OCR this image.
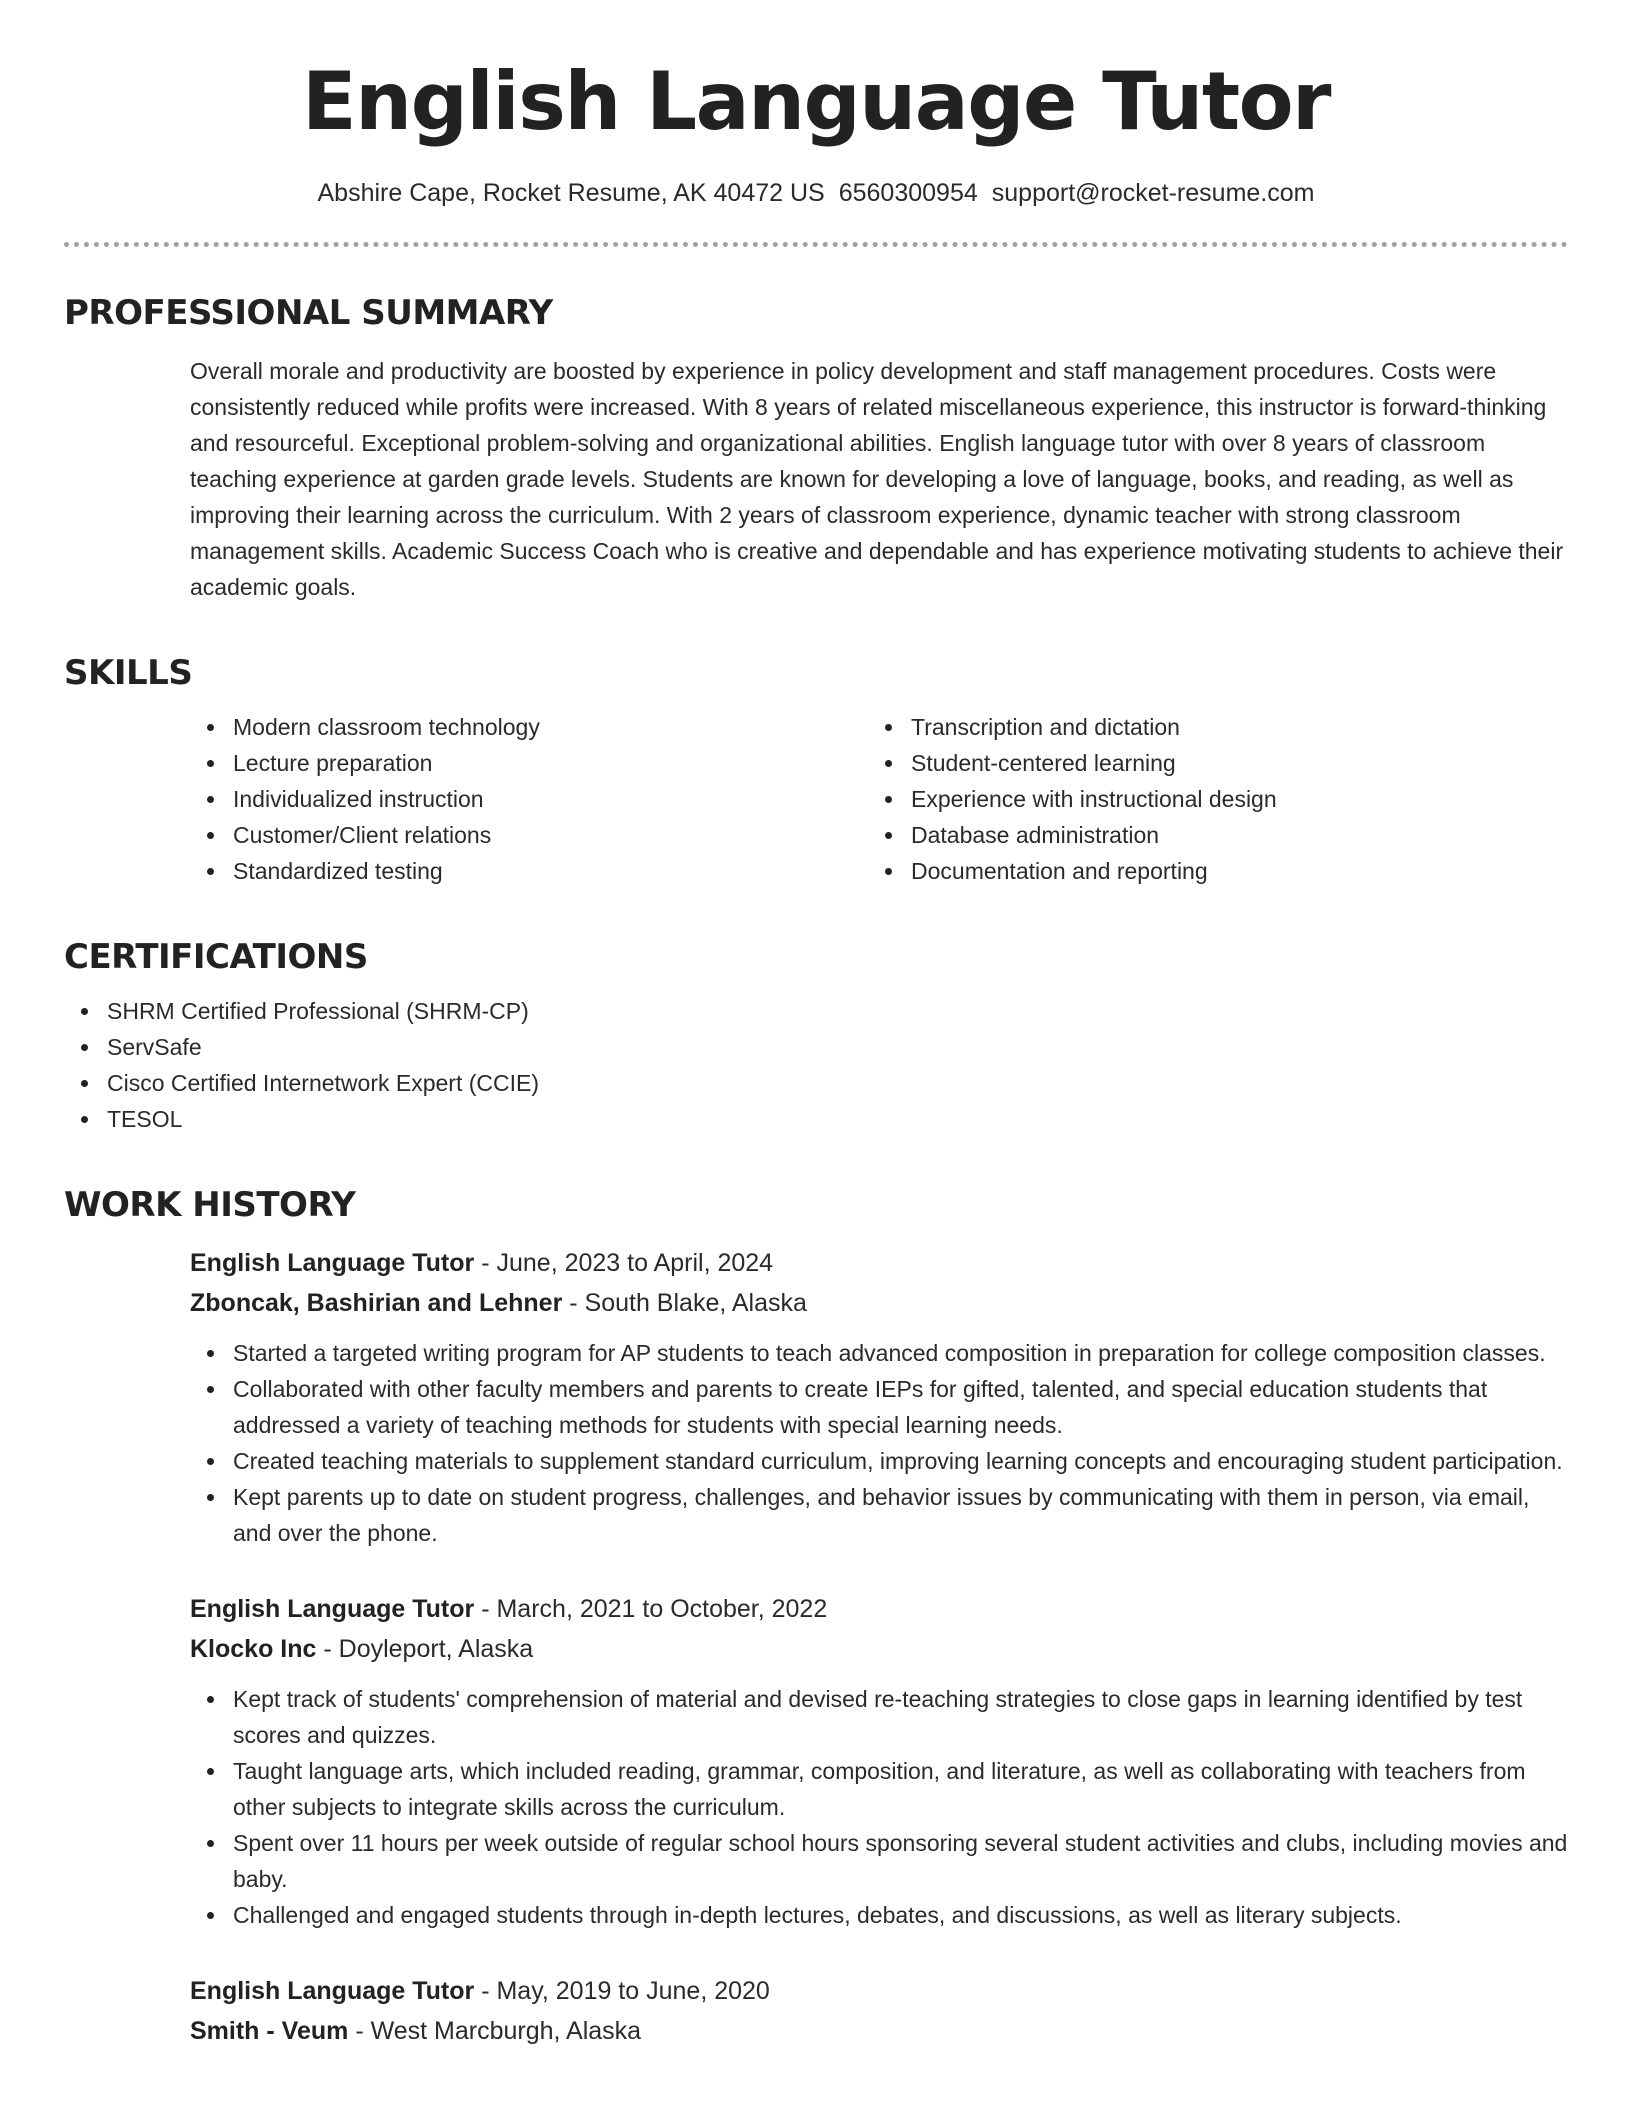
English Language Tutor
Abshire Cape, Rocket Resume, AK 40472 US 6560300954 support@rocket-resume.com
PROFESSIONAL SUMMARY
Overall morale and productivity are boosted by experience in policy development and staff management procedures. Costs were consistently reduced while profits were increased. With 8 years of related miscellaneous experience, this instructor is forward-thinking and resourceful. Exceptional problem-solving and organizational abilities. English language tutor with over 8 years of classroom teaching experience at garden grade levels. Students are known for developing a love of language, books, and reading, as well as improving their learning across the curriculum. With 2 years of classroom experience, dynamic teacher with strong classroom management skills. Academic Success Coach who is creative and dependable and has experience motivating students to achieve their academic goals.
SKILLS
Modern classroom technology
Lecture preparation
Individualized instruction
Customer/Client relations
Standardized testing
Transcription and dictation
Student-centered learning
Experience with instructional design
Database administration
Documentation and reporting
CERTIFICATIONS
SHRM Certified Professional (SHRM-CP)
ServSafe
Cisco Certified Internetwork Expert (CCIE)
TESOL
WORK HISTORY
English Language Tutor - June, 2023 to April, 2024
Zboncak, Bashirian and Lehner - South Blake, Alaska
Started a targeted writing program for AP students to teach advanced composition in preparation for college composition classes.
Collaborated with other faculty members and parents to create IEPs for gifted, talented, and special education students that addressed a variety of teaching methods for students with special learning needs.
Created teaching materials to supplement standard curriculum, improving learning concepts and encouraging student participation.
Kept parents up to date on student progress, challenges, and behavior issues by communicating with them in person, via email, and over the phone.
English Language Tutor - March, 2021 to October, 2022
Klocko Inc - Doyleport, Alaska
Kept track of students' comprehension of material and devised re-teaching strategies to close gaps in learning identified by test scores and quizzes.
Taught language arts, which included reading, grammar, composition, and literature, as well as collaborating with teachers from other subjects to integrate skills across the curriculum.
Spent over 11 hours per week outside of regular school hours sponsoring several student activities and clubs, including movies and baby.
Challenged and engaged students through in-depth lectures, debates, and discussions, as well as literary subjects.
English Language Tutor - May, 2019 to June, 2020
Smith - Veum - West Marcburgh, Alaska
